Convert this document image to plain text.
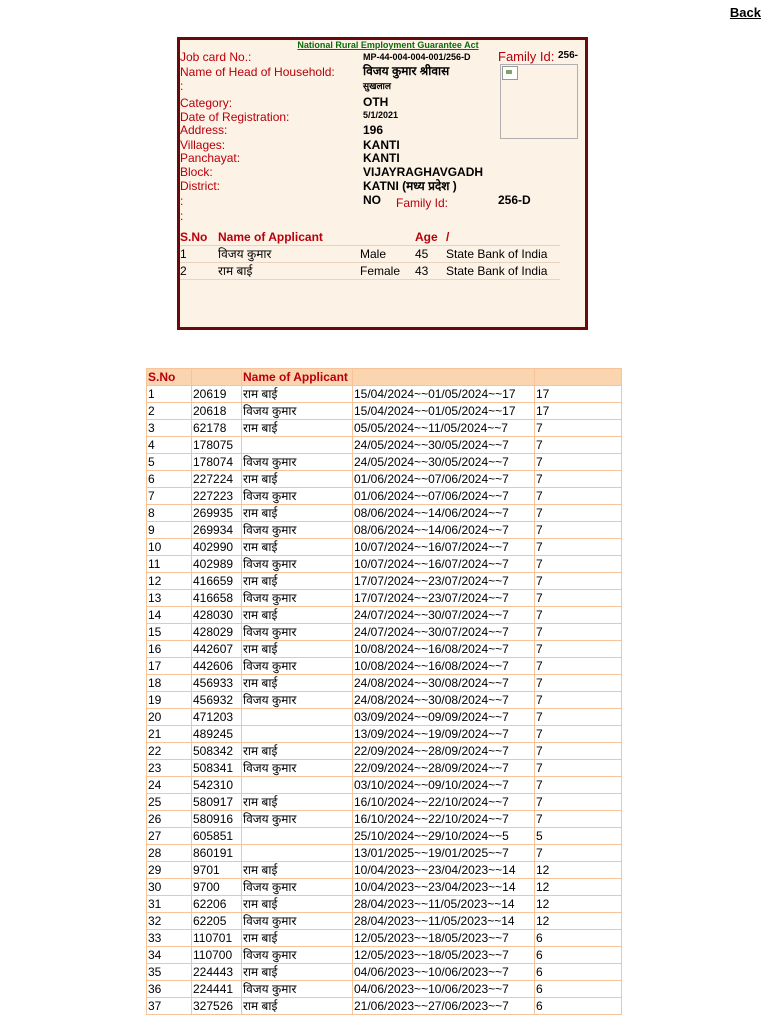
Back
National Rural Employment Guarantee Act
Job card No.:	MP-44-004-004-001/256-D Family Id: 256-
Name of Head of Household: विजय कुमार श्रीवास
:	सुखलाल
Category:	OTH
Date of Registration:	5/1/2021
Address:	196
Villages:	KANTI
Panchayat:	KANTI
Block:	VIJAYRAGHAVGADH
District:	KATNI (मध्य प्रदेश )
:	NO Family Id:	256-D
:
S.No Name of Applicant	Age /
1	विजय कुमार	Male 45 State Bank of India
2	राम बाई	Female 43 State Bank of India
S.No		Name of Applicant		
1	20619	राम बाई	15/04/2024~~01/05/2024~~17	17
2	20618	विजय कुमार	15/04/2024~~01/05/2024~~17	17
3	62178	राम बाई	05/05/2024~~11/05/2024~~7	7
4	178075		24/05/2024~~30/05/2024~~7	7
5	178074	विजय कुमार	24/05/2024~~30/05/2024~~7	7
6	227224	राम बाई	01/06/2024~~07/06/2024~~7	7
7	227223	विजय कुमार	01/06/2024~~07/06/2024~~7	7
8	269935	राम बाई	08/06/2024~~14/06/2024~~7	7
9	269934	विजय कुमार	08/06/2024~~14/06/2024~~7	7
10	402990	राम बाई	10/07/2024~~16/07/2024~~7	7
11	402989	विजय कुमार	10/07/2024~~16/07/2024~~7	7
12	416659	राम बाई	17/07/2024~~23/07/2024~~7	7
13	416658	विजय कुमार	17/07/2024~~23/07/2024~~7	7
14	428030	राम बाई	24/07/2024~~30/07/2024~~7	7
15	428029	विजय कुमार	24/07/2024~~30/07/2024~~7	7
16	442607	राम बाई	10/08/2024~~16/08/2024~~7	7
17	442606	विजय कुमार	10/08/2024~~16/08/2024~~7	7
18	456933	राम बाई	24/08/2024~~30/08/2024~~7	7
19	456932	विजय कुमार	24/08/2024~~30/08/2024~~7	7
20	471203		03/09/2024~~09/09/2024~~7	7
21	489245		13/09/2024~~19/09/2024~~7	7
22	508342	राम बाई	22/09/2024~~28/09/2024~~7	7
23	508341	विजय कुमार	22/09/2024~~28/09/2024~~7	7
24	542310		03/10/2024~~09/10/2024~~7	7
25	580917	राम बाई	16/10/2024~~22/10/2024~~7	7
26	580916	विजय कुमार	16/10/2024~~22/10/2024~~7	7
27	605851		25/10/2024~~29/10/2024~~5	5
28	860191		13/01/2025~~19/01/2025~~7	7
29	9701	राम बाई	10/04/2023~~23/04/2023~~14	12
30	9700	विजय कुमार	10/04/2023~~23/04/2023~~14	12
31	62206	राम बाई	28/04/2023~~11/05/2023~~14	12
32	62205	विजय कुमार	28/04/2023~~11/05/2023~~14	12
33	110701	राम बाई	12/05/2023~~18/05/2023~~7	6
34	110700	विजय कुमार	12/05/2023~~18/05/2023~~7	6
35	224443	राम बाई	04/06/2023~~10/06/2023~~7	6
36	224441	विजय कुमार	04/06/2023~~10/06/2023~~7	6
37	327526	राम बाई	21/06/2023~~27/06/2023~~7	6
